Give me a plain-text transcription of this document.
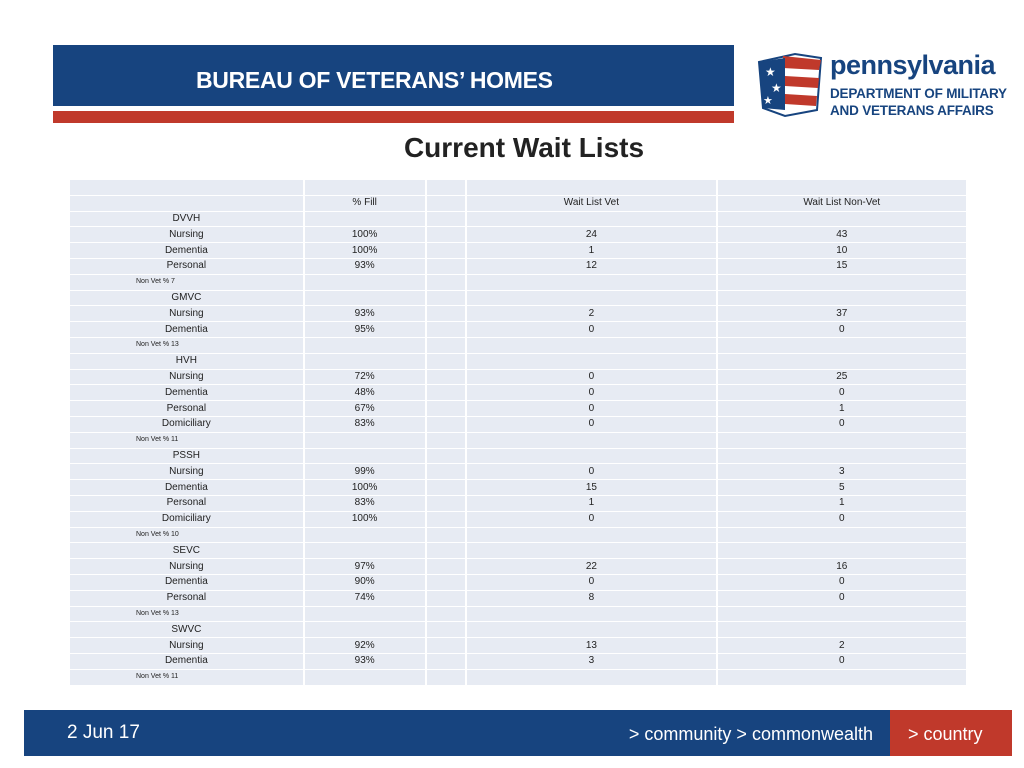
BUREAU OF VETERANS’ HOMES	★
★
★
pennsylvania
DEPARTMENT OF MILITARY
AND VETERANS AFFAIRS
Current Wait Lists

	% Fill		Wait List Vet	Wait List Non-Vet
DVVH				
Nursing	100%		24	43
Dementia	100%		1	10
Personal	93%		12	15
Non Vet % 7				
GMVC				
Nursing	93%		2	37
Dementia	95%		0	0
Non Vet % 13				
HVH				
Nursing	72%		0	25
Dementia	48%		0	0
Personal	67%		0	1
Domiciliary	83%		0	0
Non Vet % 11				
PSSH				
Nursing	99%		0	3
Dementia	100%		15	5
Personal	83%		1	1
Domiciliary	100%		0	0
Non Vet % 10				
SEVC				
Nursing	97%		22	16
Dementia	90%		0	0
Personal	74%		8	0
Non Vet % 13				
SWVC				
Nursing	92%		13	2
Dementia	93%		3	0
Non Vet % 11				
2 Jun 17	> community > commonwealth > country
